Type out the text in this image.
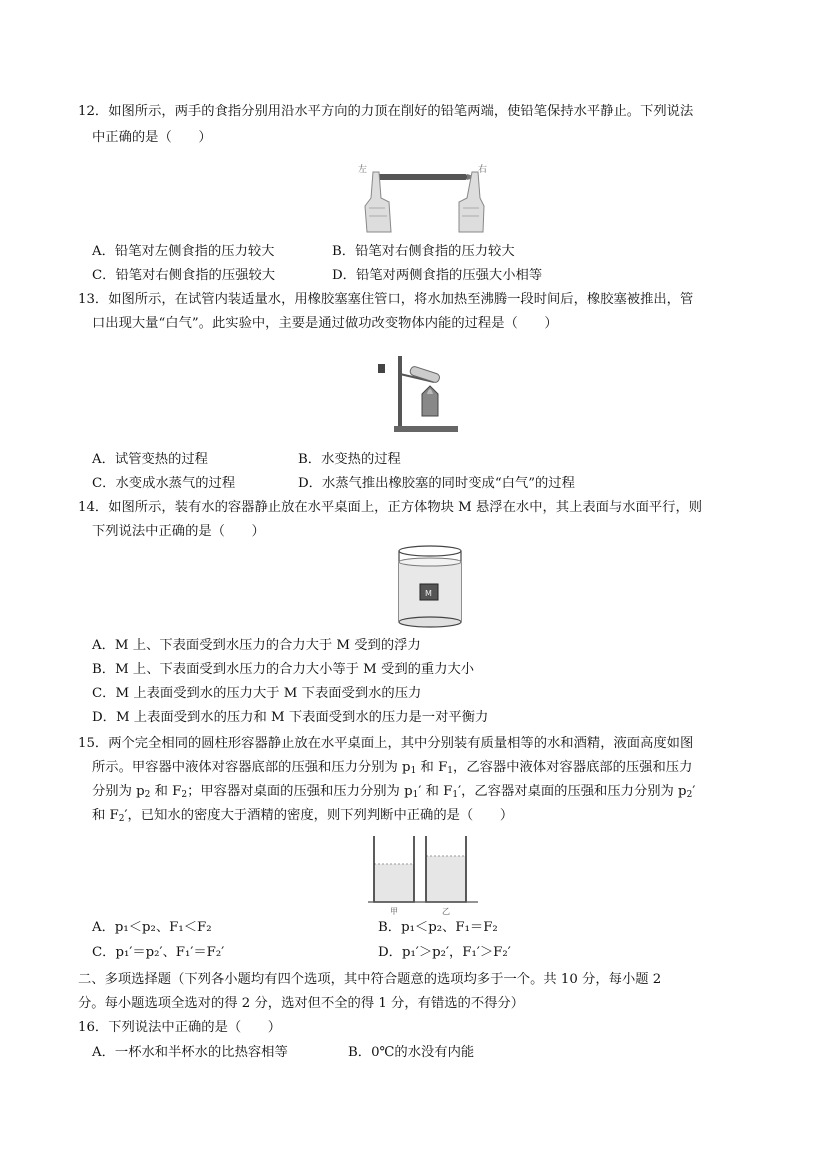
12．如图所示，两手的食指分别用沿水平方向的力顶在削好的铅笔两端，使铅笔保持水平静止。下列说法
中正确的是（　　）
左	右
A．铅笔对左侧食指的压力较大	B．铅笔对右侧食指的压力较大
C．铅笔对右侧食指的压强较大	D．铅笔对两侧食指的压强大小相等
13．如图所示，在试管内装适量水，用橡胶塞塞住管口，将水加热至沸腾一段时间后，橡胶塞被推出，管
口出现大量“白气”。此实验中，主要是通过做功改变物体内能的过程是（　　）
A．试管变热的过程	B．水变热的过程
C．水变成水蒸气的过程	D．水蒸气推出橡胶塞的同时变成“白气”的过程
14．如图所示，装有水的容器静止放在水平桌面上，正方体物块 M 悬浮在水中，其上表面与水面平行，则
下列说法中正确的是（　　）
M
A．M 上、下表面受到水压力的合力大于 M 受到的浮力
B．M 上、下表面受到水压力的合力大小等于 M 受到的重力大小
C．M 上表面受到水的压力大于 M 下表面受到水的压力
D．M 上表面受到水的压力和 M 下表面受到水的压力是一对平衡力
15．两个完全相同的圆柱形容器静止放在水平桌面上，其中分别装有质量相等的水和酒精，液面高度如图
所示。甲容器中液体对容器底部的压强和压力分别为 $p_1$ 和 $F_1$，乙容器中液体对容器底部的压强和压力
分别为 $p_2$ 和 $F_2$；甲容器对桌面的压强和压力分别为 $p_1'$ 和 $F_1'$，乙容器对桌面的压强和压力分别为 $p_2'$
和 $F_2'$，已知水的密度大于酒精的密度，则下列判断中正确的是（　　）
甲	乙
A．p₁＜p₂、F₁＜F₂	B．p₁＜p₂、F₁＝F₂
C．p₁′＝p₂′、F₁′＝F₂′	D．p₁′＞p₂′，F₁′＞F₂′
二、多项选择题（下列各小题均有四个选项，其中符合题意的选项均多于一个。共 10 分，每小题 2
分。每小题选项全选对的得 2 分，选对但不全的得 1 分，有错选的不得分）
16．下列说法中正确的是（　　）
A．一杯水和半杯水的比热容相等	B．0℃的水没有内能
